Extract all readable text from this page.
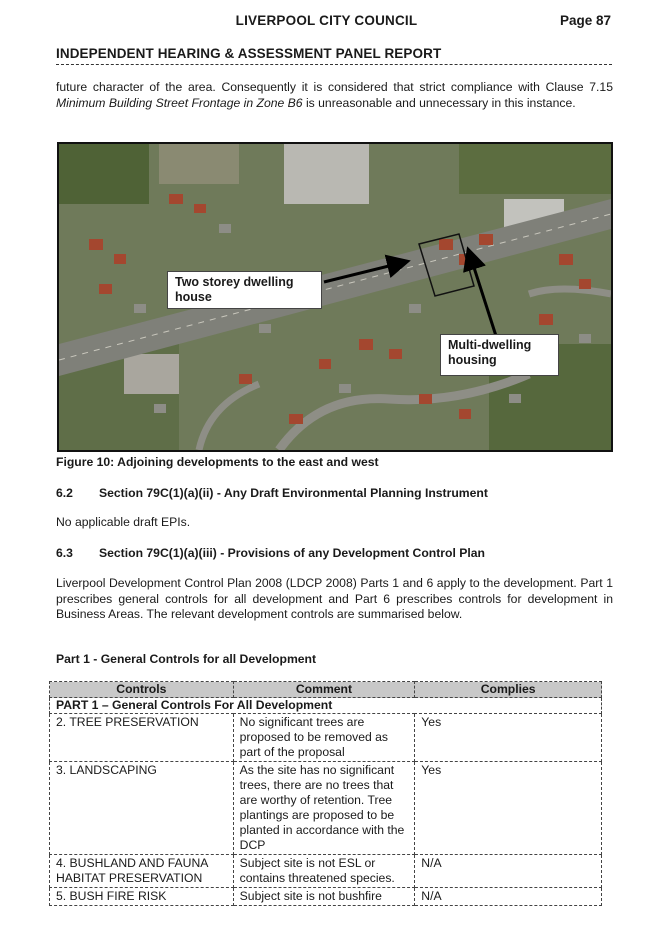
LIVERPOOL CITY COUNCIL	Page 87
INDEPENDENT HEARING & ASSESSMENT PANEL REPORT
future character of the area. Consequently it is considered that strict compliance with Clause 7.15 Minimum Building Street Frontage in Zone B6 is unreasonable and unnecessary in this instance.
Two storey dwelling house
Multi-dwelling housing
Figure 10: Adjoining developments to the east and west
6.2 Section 79C(1)(a)(ii) - Any Draft Environmental Planning Instrument
No applicable draft EPIs.
6.3 Section 79C(1)(a)(iii) - Provisions of any Development Control Plan
Liverpool Development Control Plan 2008 (LDCP 2008) Parts 1 and 6 apply to the development. Part 1 prescribes general controls for all development and Part 6 prescribes controls for development in Business Areas. The relevant development controls are summarised below.
Part 1 - General Controls for all Development
Controls	Comment	Complies
PART 1 – General Controls For All Development		
2. TREE PRESERVATION	No significant trees are proposed to be removed as part of the proposal	Yes
3. LANDSCAPING	As the site has no significant trees, there are no trees that are worthy of retention. Tree plantings are proposed to be planted in accordance with the DCP	Yes
4. BUSHLAND AND FAUNA HABITAT PRESERVATION	Subject site is not ESL or contains threatened species.	N/A
5. BUSH FIRE RISK	Subject site is not bushfire	N/A
